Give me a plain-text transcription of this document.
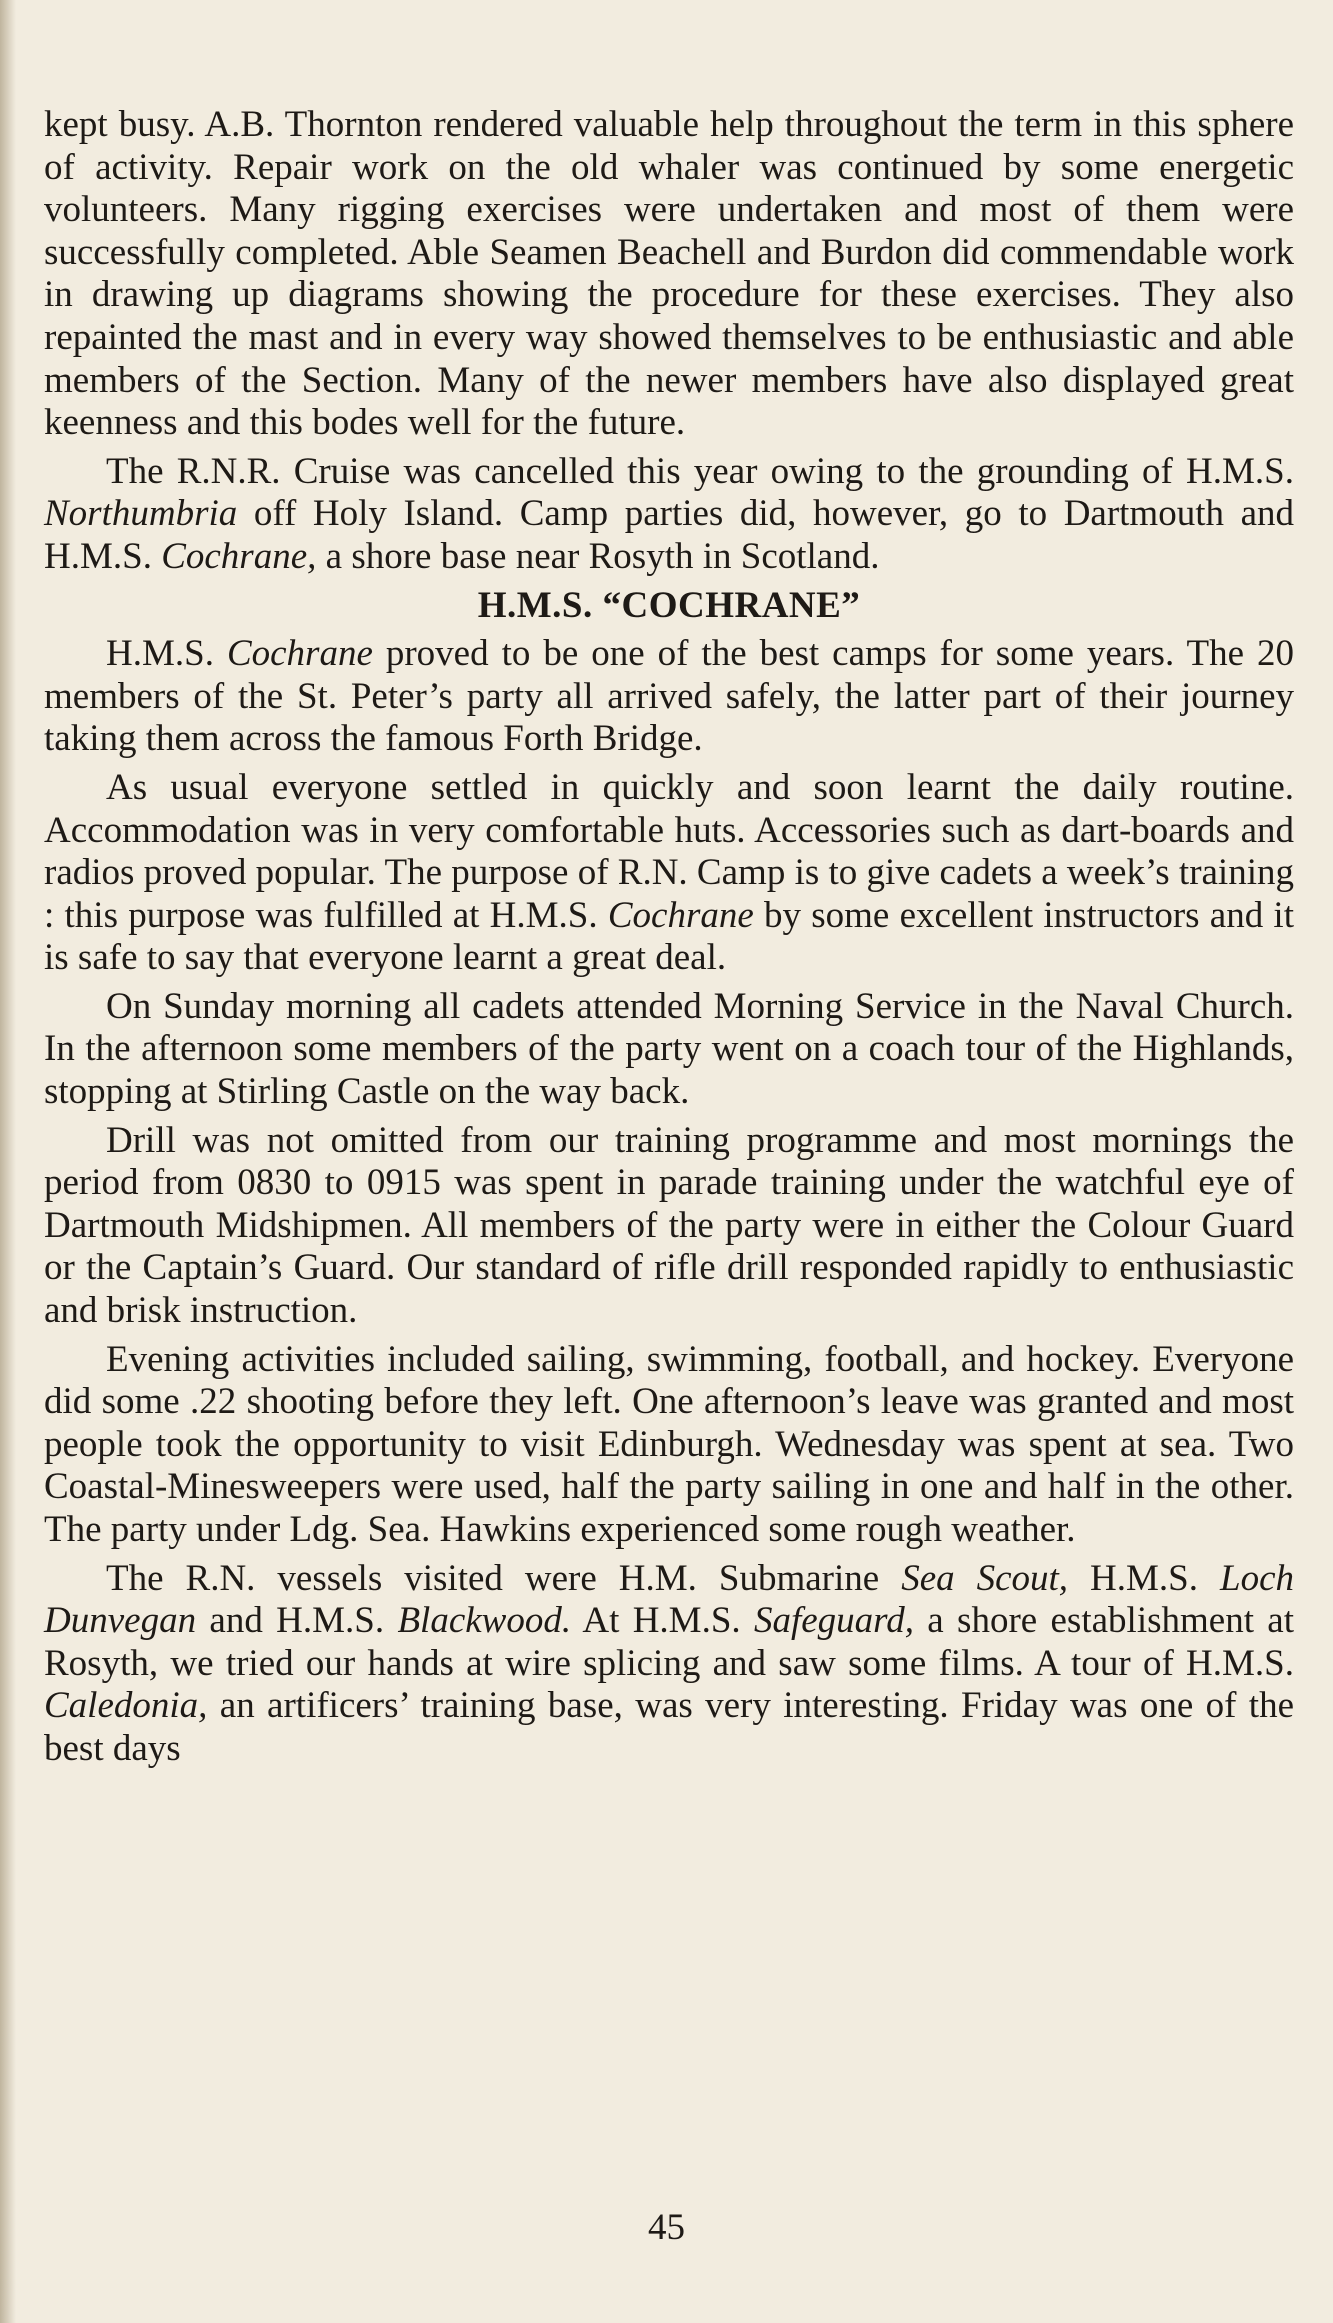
kept busy. A.B. Thornton rendered valuable help throughout the term in this sphere of activity. Repair work on the old whaler was continued by some energetic volunteers. Many rigging exercises were undertaken and most of them were successfully completed. Able Seamen Beachell and Burdon did commendable work in drawing up diagrams showing the procedure for these exercises. They also repainted the mast and in every way showed themselves to be enthusiastic and able members of the Section. Many of the newer members have also displayed great keenness and this bodes well for the future.

The R.N.R. Cruise was cancelled this year owing to the grounding of H.M.S. Northumbria off Holy Island. Camp parties did, however, go to Dartmouth and H.M.S. Cochrane, a shore base near Rosyth in Scotland.

H.M.S. “COCHRANE”

H.M.S. Cochrane proved to be one of the best camps for some years. The 20 members of the St. Peter’s party all arrived safely, the latter part of their journey taking them across the famous Forth Bridge.

As usual everyone settled in quickly and soon learnt the daily routine. Accommodation was in very comfortable huts. Accessories such as dart-boards and radios proved popular. The purpose of R.N. Camp is to give cadets a week’s training : this purpose was fulfilled at H.M.S. Cochrane by some excellent instructors and it is safe to say that everyone learnt a great deal.

On Sunday morning all cadets attended Morning Service in the Naval Church. In the afternoon some members of the party went on a coach tour of the Highlands, stopping at Stirling Castle on the way back.

Drill was not omitted from our training programme and most mornings the period from 0830 to 0915 was spent in parade training under the watchful eye of Dartmouth Midshipmen. All members of the party were in either the Colour Guard or the Captain’s Guard. Our standard of rifle drill responded rapidly to enthusiastic and brisk instruction.

Evening activities included sailing, swimming, football, and hockey. Everyone did some .22 shooting before they left. One afternoon’s leave was granted and most people took the opportunity to visit Edinburgh. Wednesday was spent at sea. Two Coastal-Minesweepers were used, half the party sailing in one and half in the other. The party under Ldg. Sea. Hawkins experienced some rough weather.

The R.N. vessels visited were H.M. Submarine Sea Scout, H.M.S. Loch Dunvegan and H.M.S. Blackwood. At H.M.S. Safeguard, a shore establishment at Rosyth, we tried our hands at wire splicing and saw some films. A tour of H.M.S. Caledonia, an artificers’ training base, was very interesting. Friday was one of the best days

45
